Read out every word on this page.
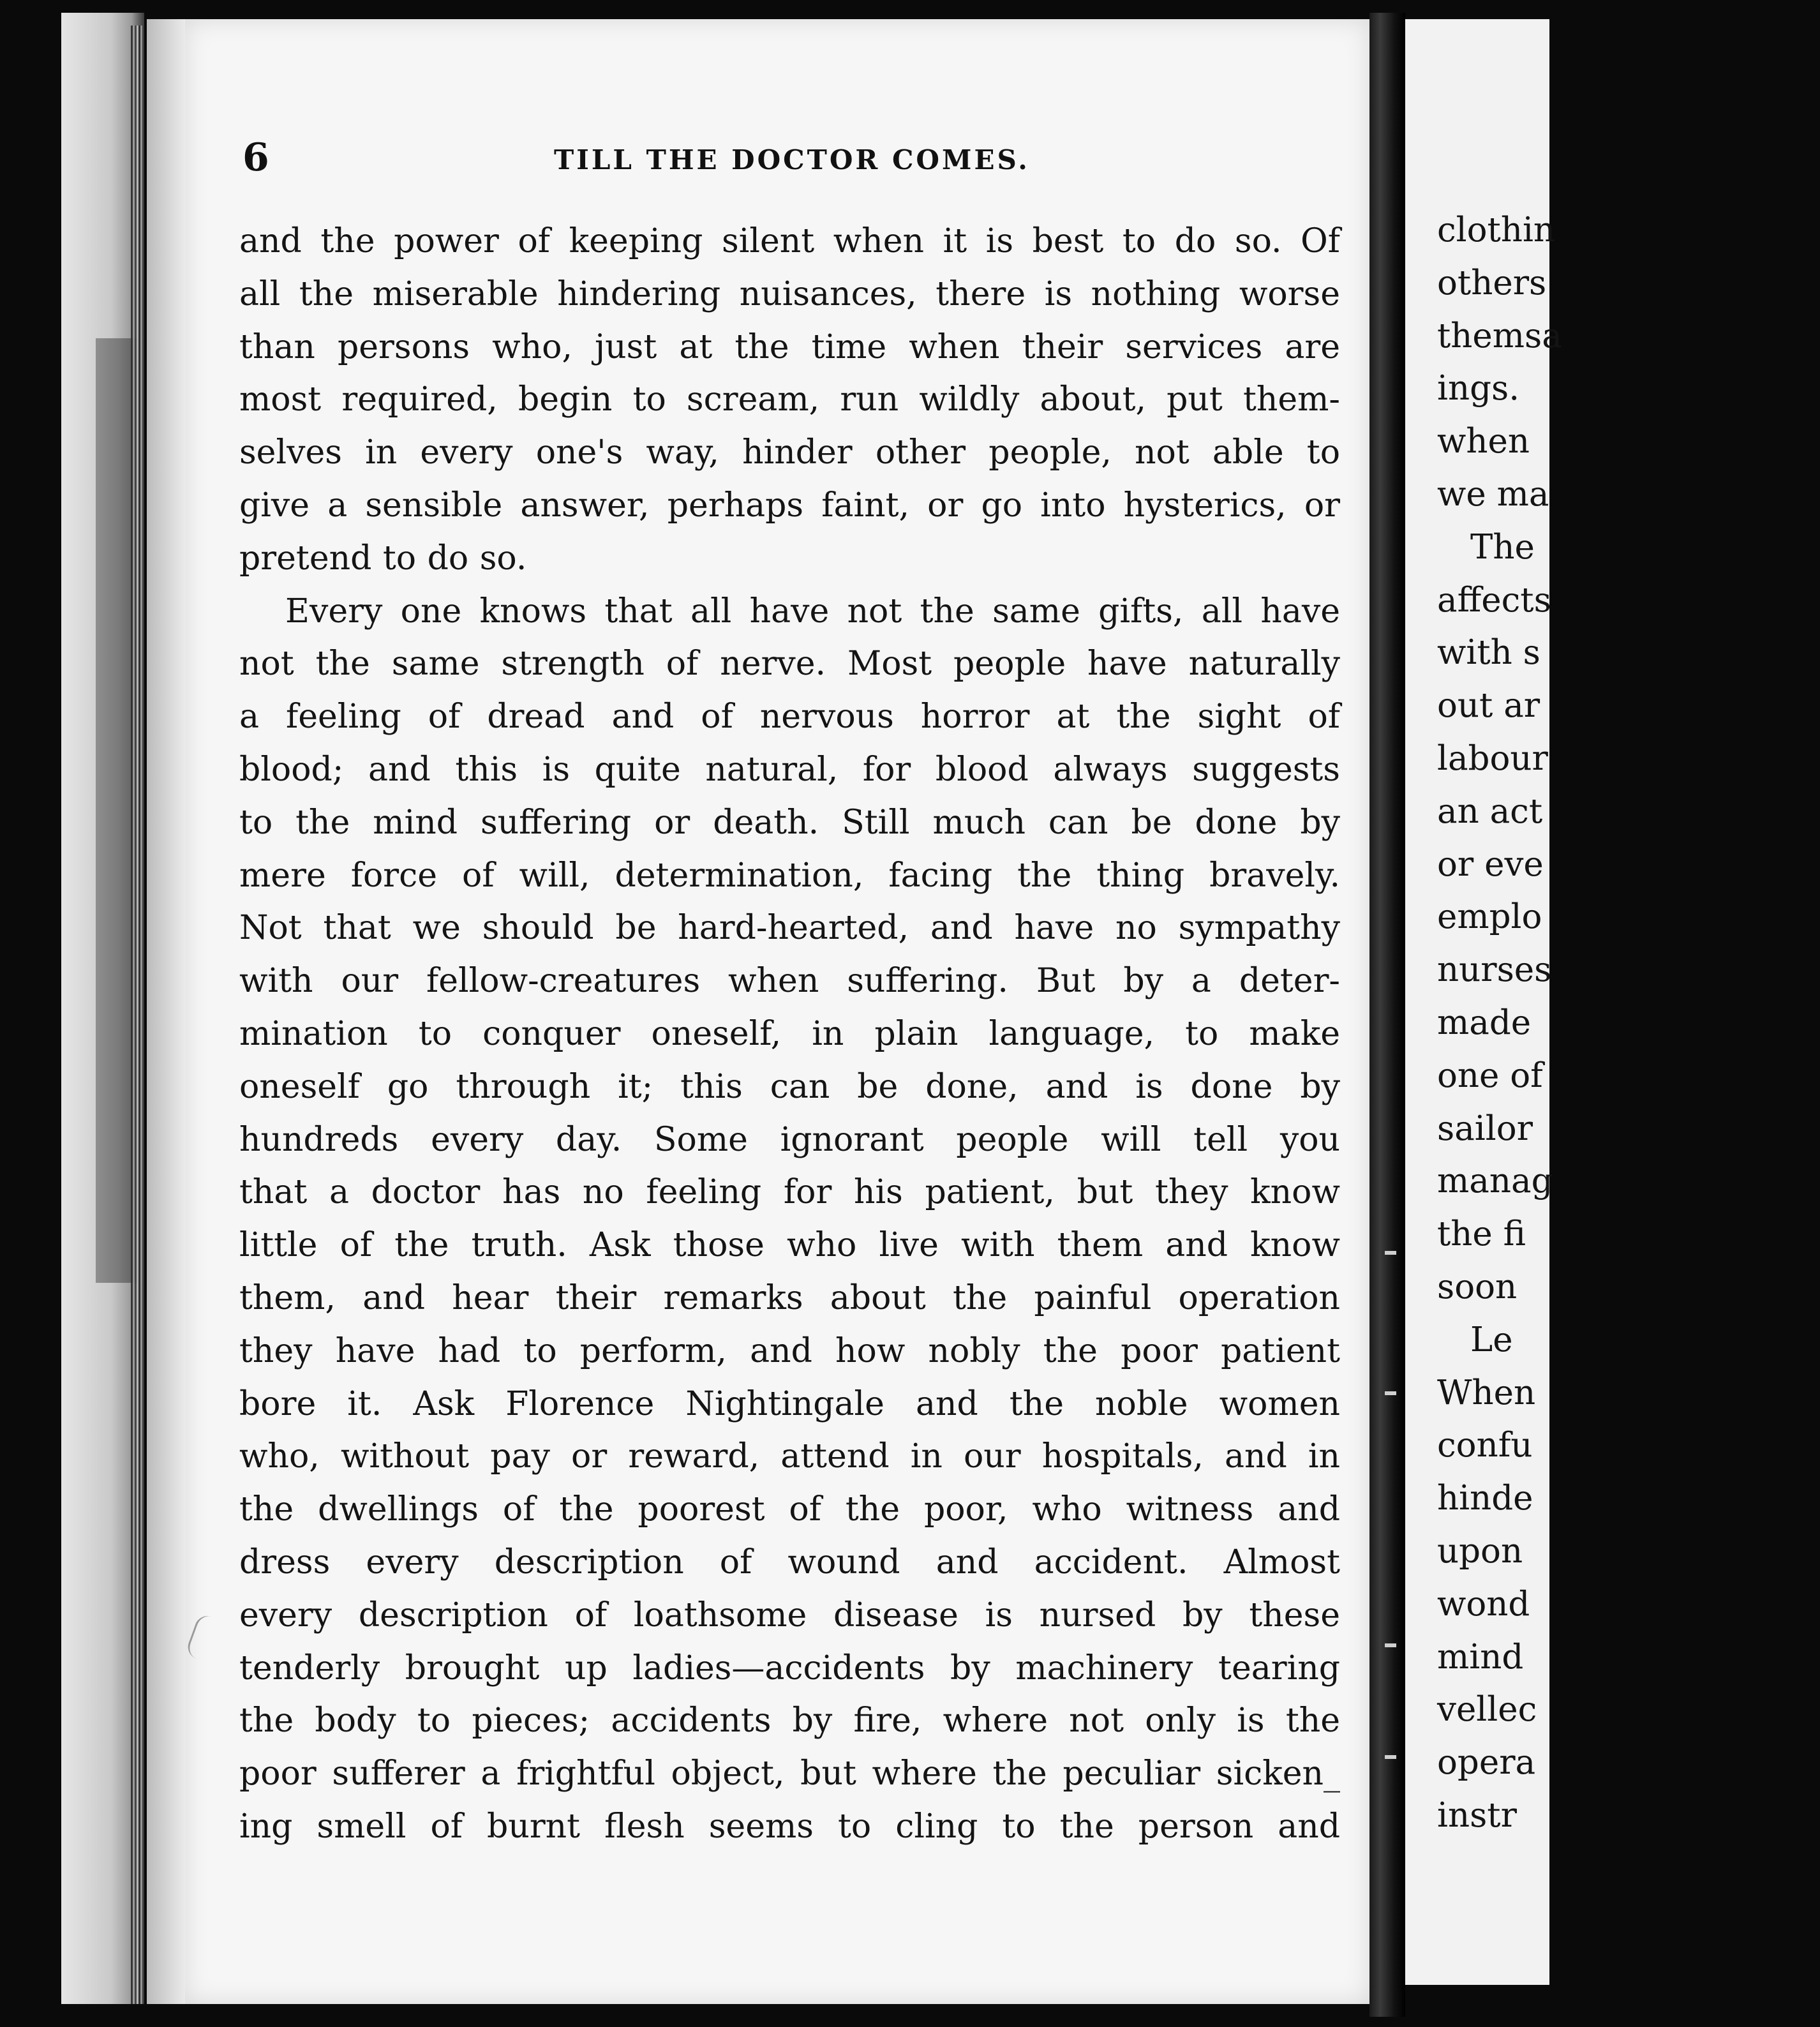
clothin
others
themsa
ings.
when
we ma
The
affects
with s
out ar
labour
an act
or eve
emplo
nurses
made
one of
sailor
manag
the fi
soon
Le
When
confu
hinde
upon
wond
mind
vellec
opera
instr
6	TILL THE DOCTOR COMES.
and the power of keeping silent when it is best to do so. Of
all the miserable hindering nuisances, there is nothing worse
than persons who, just at the time when their services are
most required, begin to scream, run wildly about, put them-
selves in every one's way, hinder other people, not able to
give a sensible answer, perhaps faint, or go into hysterics, or
pretend to do so.
Every one knows that all have not the same gifts, all have
not the same strength of nerve. Most people have naturally
a feeling of dread and of nervous horror at the sight of
blood; and this is quite natural, for blood always suggests
to the mind suffering or death. Still much can be done by
mere force of will, determination, facing the thing bravely.
Not that we should be hard-hearted, and have no sympathy
with our fellow-creatures when suffering. But by a deter-
mination to conquer oneself, in plain language, to make
oneself go through it; this can be done, and is done by
hundreds every day. Some ignorant people will tell you
that a doctor has no feeling for his patient, but they know
little of the truth. Ask those who live with them and know
them, and hear their remarks about the painful operation
they have had to perform, and how nobly the poor patient
bore it. Ask Florence Nightingale and the noble women
who, without pay or reward, attend in our hospitals, and in
the dwellings of the poorest of the poor, who witness and
dress every description of wound and accident. Almost
every description of loathsome disease is nursed by these
tenderly brought up ladies—accidents by machinery tearing
the body to pieces; accidents by fire, where not only is the
poor sufferer a frightful object, but where the peculiar sicken_
ing smell of burnt flesh seems to cling to the person and
